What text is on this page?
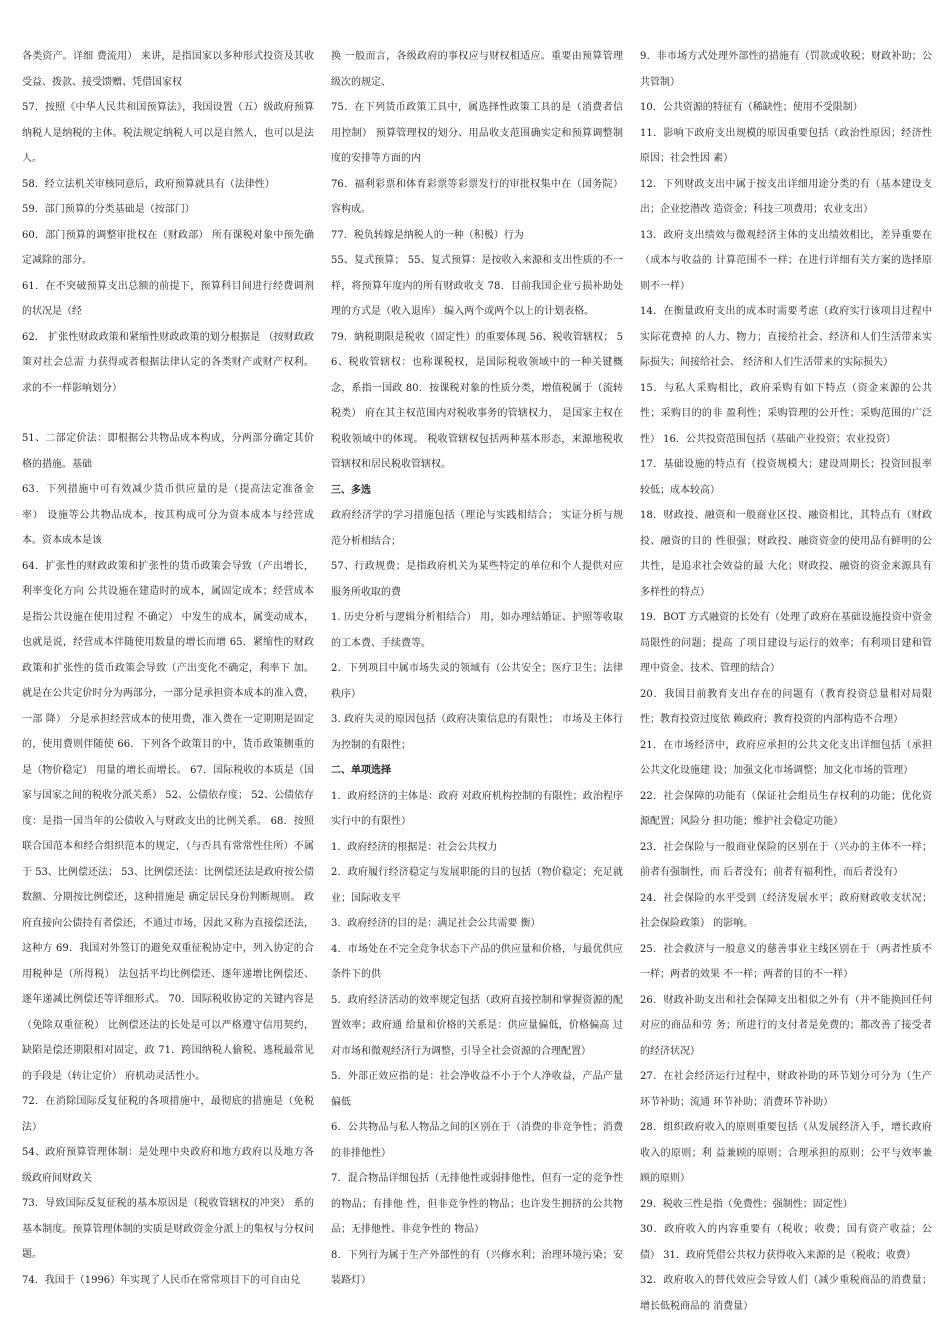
各类资产。详细 费流用） 来讲，是指国家以多种形式投资及其收受益、拨款、接受馈赠、凭借国家权

57．按照《中华人民共和国预算法》，我国设置（五）级政府预算 纳税人是纳税的主体。税法规定纳税人可以是自然人，也可以是法人。

58．经立法机关审核同意后，政府预算就具有（法律性）

59．部门预算的分类基础是（按部门）

60．部门预算的调整审批权在（财政部） 所有课税对象中预先确定减除的部分。

61．在不突破预算支出总额的前提下，预算科目间进行经费调剂的状况是（经

62． 扩张性财政政策和紧缩性财政政策的划分根据是 （按财政政策对社会总需 力获得或者根据法律认定的各类财产或财产权利。 求的不一样影响划分）

51、二部定价法：即根据公共物品成本构成，分两部分确定其价格的措施。基础

63．下列措施中可有效减少货币供应量的是（提高法定准备金率） 设施等公共物品成本，按其构成可分为资本成本与经营成本。资本成本是该

64．扩张性的财政政策和扩张性的货币政策会导致（产出增长，利率变化方向 公共设施在建造时的成本，属固定成本；经营成本是指公共设施在使用过程 不确定） 中发生的成本，属变动成本，也就是说，经营成本伴随使用数量的增长而增 65．紧缩性的财政政策和扩张性的货币政策会导致（产出变化不确定，利率下 加。就是在公共定价时分为两部分，一部分是承担资本成本的准入费，一部 降） 分是承担经营成本的使用费，准入费在一定期期是固定的，使用费则伴随使 66．下列各个政策目的中，货币政策侧重的是（物价稳定） 用量的增长而增长。 67．国际税收的本质是（国家与国家之间的税收分派关系） 52、公债依存度； 52、公债依存度：是指一国当年的公债收入与财政支出的比例关系。 68．按照联合国范本和经合组织范本的规定，（与否具有常常性住所）不属于 53、比例偿还法； 53、比例偿还法：比例偿还法是政府按公债数额、分期按比例偿还，这种措施是 确定居民身份判断规则。 政府直接向公债持有者偿还，不通过市场，因此又称为直接偿还法，这种方 69．我国对外签订的避免双重征税协定中，列入协定的合用税种是（所得税） 法包括平均比例偿还、逐年递增比例偿还、逐年递减比例偿还等详细形式。 70．国际税收协定的关键内容是（免除双重征税） 比例偿还法的长处是可以严格遵守信用契约，缺陷是偿还期限相对固定，政 71．跨国纳税人偷税、逃税最常见的手段是（转让定价） 府机动灵活性小。

72．在消除国际反复征税的各项措施中，最彻底的措施是（免税法）

54、政府预算管理体制：是处理中央政府和地方政府以及地方各级政府间财政关

73．导致国际反复征税的基本原因是（税收管辖权的冲突） 系的基本制度。预算管理体制的实质是财政资金分派上的集权与分权问题。

74．我国于（1996）年实现了人民币在常常项目下的可自由兑

换 一般而言，各级政府的事权应与财权相适应。重要由预算管理级次的规定、

75．在下列货币政策工具中，属选择性政策工具的是（消费者信用控制） 预算管理权的划分、用品收支范围确实定和预算调整制度的安排等方面的内

76．福利彩票和体育彩票等彩票发行的审批权集中在（国务院） 容构成。

77．税负转嫁是纳税人的一种（积极）行为

55、复式预算； 55、复式预算：是按收入来源和支出性质的不一样，将预算年度内的所有财政收支 78．目前我国企业亏损补助处理的方式是（收入退库） 编入两个或两个以上的计划表格。

79．納税期限是税收（固定性）的重要体现 56、税收管辖权； 56、税收管辖权：也称课税权，是国际税收领域中的一种关键概念，系指一国政 80．按课税对象的性质分类，增值税属于（流转税类） 府在其主权范围内对税收事务的管辖权力， 是国家主权在税收领域中的体现。 税收管辖权包括两种基本形态，来源地税收管辖权和居民税收管辖权。

三、多选

政府经济学的学习措施包括（理论与实践相结合； 实证分析与规范分析相结合；

57、行政规费；是指政府机关为某些特定的单位和个人提供对应服务所收取的费

1. 历史分析与逻辑分析相结合） 用，如办理结婚证、护照等收取的工本费、手续费等。

2．下列项目中属市场失灵的领域有（公共安全；医疗卫生；法律秩序）

3. 政府失灵的原因包括（政府决策信息的有限性； 市场及主体行为控制的有限性；

二、单项选择

1．政府经济的主体是：政府 对政府机构控制的有限性；政治程序实行中的有限性）

1．政府经济的根据是：社会公共权力

2．政府履行经济稳定与发展职能的目的包括（物价稳定；充足就业；国际收支平

3．政府经济的目的是：满足社会公共需要 衡）

4．市场处在不完全竞争状态下产品的供应量和价格，与最优供应条件下的供

5．政府经济活动的效率规定包括（政府直接控制和掌握资源的配置效率；政府通 给量和价格的关系是：供应量偏低，价格偏高 过对市场和微观经济行为调整，引导全社会资源的合理配置）

5．外部正效应指的是：社会净收益不小于个人净收益，产品产量偏低

6．公共物品与私人物品之间的区别在于（消费的非竞争性；消费的非排他性）

7．混合物品详细包括（无排他性或弱排他性，但有一定的竞争性的物品；有排他 性，但非竞争性的物品；也许发生拥挤的公共物品；无排他性、非竞争性的 物品）

8．下列行为属于生产外部性的有（兴修水利；治理环境污染；安装路灯）

9．非市场方式处理外部性的措施有（罚款或收税；财政补助；公共管制）

10．公共资源的特征有（稀缺性；使用不受限制）

11．影响下政府支出规模的原因重要包括（政治性原因；经济性原因；社会性因 素）

12．下列财政支出中属于按支出详细用途分类的有（基本建设支出；企业挖潜改 造资金；科技三项费用；农业支出）

13．政府支出绩效与微观经济主体的支出绩效相比，差异重要在（成本与收益的 计算范围不一样；在进行详细有关方案的选择原则不一样）

14．在衡量政府支出的成本时需要考虑（政府实行该项目过程中实际花费掉 的人力、物力；直接给社会、经济和人们生活带来实际损失；间接给社会、 经济和人们生活带来的实际损失）

15．与私人采购相比，政府采购有如下特点（资金来源的公共性；采购目的的非 盈利性；采购管理的公开性；采购范围的广泛性） 16．公共投资范围包括（基础产业投资；农业投资）

17．基础设施的特点有（投资规模大；建设周期长；投资回报率较低；成本较高）

18．财政投、融资和一般商业区投、融资相比，其特点有（财政投、融资的目的 性很强；财政投、融资资金的使用品有鲜明的公共性，是追求社会效益的最 大化；财政投、融资的资金来源具有多样性的特点）

19．BOT 方式融资的长处有（处理了政府在基础设施投资中资金局限性的问题；提高 了项目建设与运行的效率；有利项目建和管理中资金、技术、管理的结合）

20．我国目前教育支出存在的问题有（教育投资总量相对局限性；教育投资过度依 赖政府；教育投资的内部构造不合理）

21．在市场经济中，政府应承担的公共文化支出详细包括（承担公共文化设施建 设；加强文化市场调整；加文化市场的管理）

22．社会保障的功能有（保证社会组员生存权利的功能；优化资源配置；风险分 担功能；维护社会稳定功能）

23．社会保险与一般商业保险的区别在于（兴办的主体不一样；前者有强制性，而 后者没有；前者有福利性，而后者没有）

24．社会保险的水平受到（经济发展水平；政府财政收支状况；社会保险政策） 的影响。

25．社会救济与一般意义的慈善事业主线区别在于（两者性质不一样；两者的效果 不一样；两者的目的不一样）

26．财政补助支出和社会保障支出相似之外有（并不能换回任何对应的商品和劳 务；所进行的支付者是免费的；都改善了接受者的经济状况）

27．在社会经济运行过程中，财政补助的环节划分可分为（生产环节补助；流通 环节补助；消费环节补助）

28．组织政府收入的原则重要包括（从发展经济入手，增长政府收入的原则；利 益兼顾的原则；合理承担的原则；公平与效率兼顾的原则）

29．税收三性是指（免费性；强制性；固定性）

30．政府收入的内容重要有（税收；收费；国有资产收益；公债） 31．政府凭借公共权力获得收入来源的是（税收；收费）

32．政府收入的替代效应会导致人们（减少重税商品的消费量；增长低税商品的 消费量）
